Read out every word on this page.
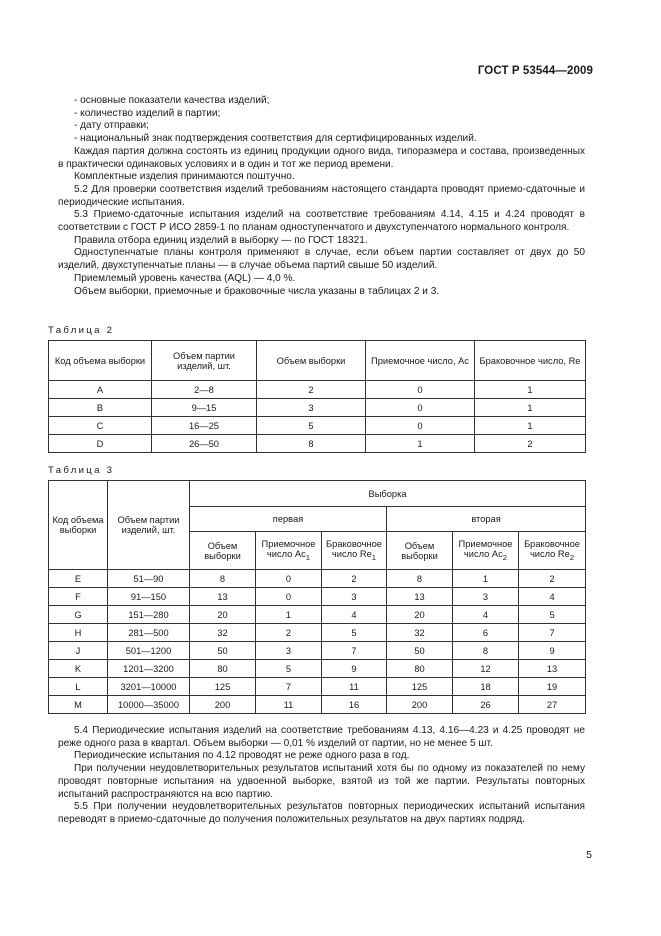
ГОСТ Р 53544—2009

- основные показатели качества изделий;

- количество изделий в партии;

- дату отправки;

- национальный знак подтверждения соответствия для сертифицированных изделий.

Каждая партия должна состоять из единиц продукции одного вида, типоразмера и состава, произведенных в практически одинаковых условиях и в один и тот же период времени.

Комплектные изделия принимаются поштучно.

5.2 Для проверки соответствия изделий требованиям настоящего стандарта проводят приемо-сдаточные и периодические испытания.

5.3 Приемо-сдаточные испытания изделий на соответствие требованиям 4.14, 4.15 и 4.24 проводят в соответствии с ГОСТ Р ИСО 2859-1 по планам одноступенчатого и двухступенчатого нормального контроля.

Правила отбора единиц изделий в выборку — по ГОСТ 18321.

Одноступенчатые планы контроля применяют в случае, если объем партии составляет от двух до 50 изделий, двухступенчатые планы — в случае объема партий свыше 50 изделий.

Приемлемый уровень качества (AQL) — 4,0 %.

Объем выборки, приемочные и браковочные числа указаны в таблицах 2 и 3.

Таблица 2
Код объема выборки	Объем партии изделий, шт.	Объем выборки	Приемочное число, Ac	Браковочное число, Re
A	2—8	2	0	1
B	9—15	3	0	1
C	16—25	5	0	1
D	26—50	8	1	2
Таблица 3
Код объема выборки	Объем партии изделий, шт.	Выборка					
		первая			вторая		
		Объем выборки	Приемочное число $Ac_1$	Браковочное число $Re_1$	Объем выборки	Приемочное число $Ac_2$	Браковочное число $Re_2$
E	51—90	8	0	2	8	1	2
F	91—150	13	0	3	13	3	4
G	151—280	20	1	4	20	4	5
H	281—500	32	2	5	32	6	7
J	501—1200	50	3	7	50	8	9
K	1201—3200	80	5	9	80	12	13
L	3201—10000	125	7	11	125	18	19
M	10000—35000	200	11	16	200	26	27

5.4 Периодические испытания изделий на соответствие требованиям 4.13, 4.16—4.23 и 4.25 проводят не реже одного раза в квартал. Объем выборки — 0,01 % изделий от партии, но не менее 5 шт.

Периодические испытания по 4.12 проводят не реже одного раза в год.

При получении неудовлетворительных результатов испытаний хотя бы по одному из показателей по нему проводят повторные испытания на удвоенной выборке, взятой из той же партии. Результаты повторных испытаний распространяются на всю партию.

5.5 При получении неудовлетворительных результатов повторных периодических испытаний испытания переводят в приемо-сдаточные до получения положительных результатов на двух партиях подряд.

5
